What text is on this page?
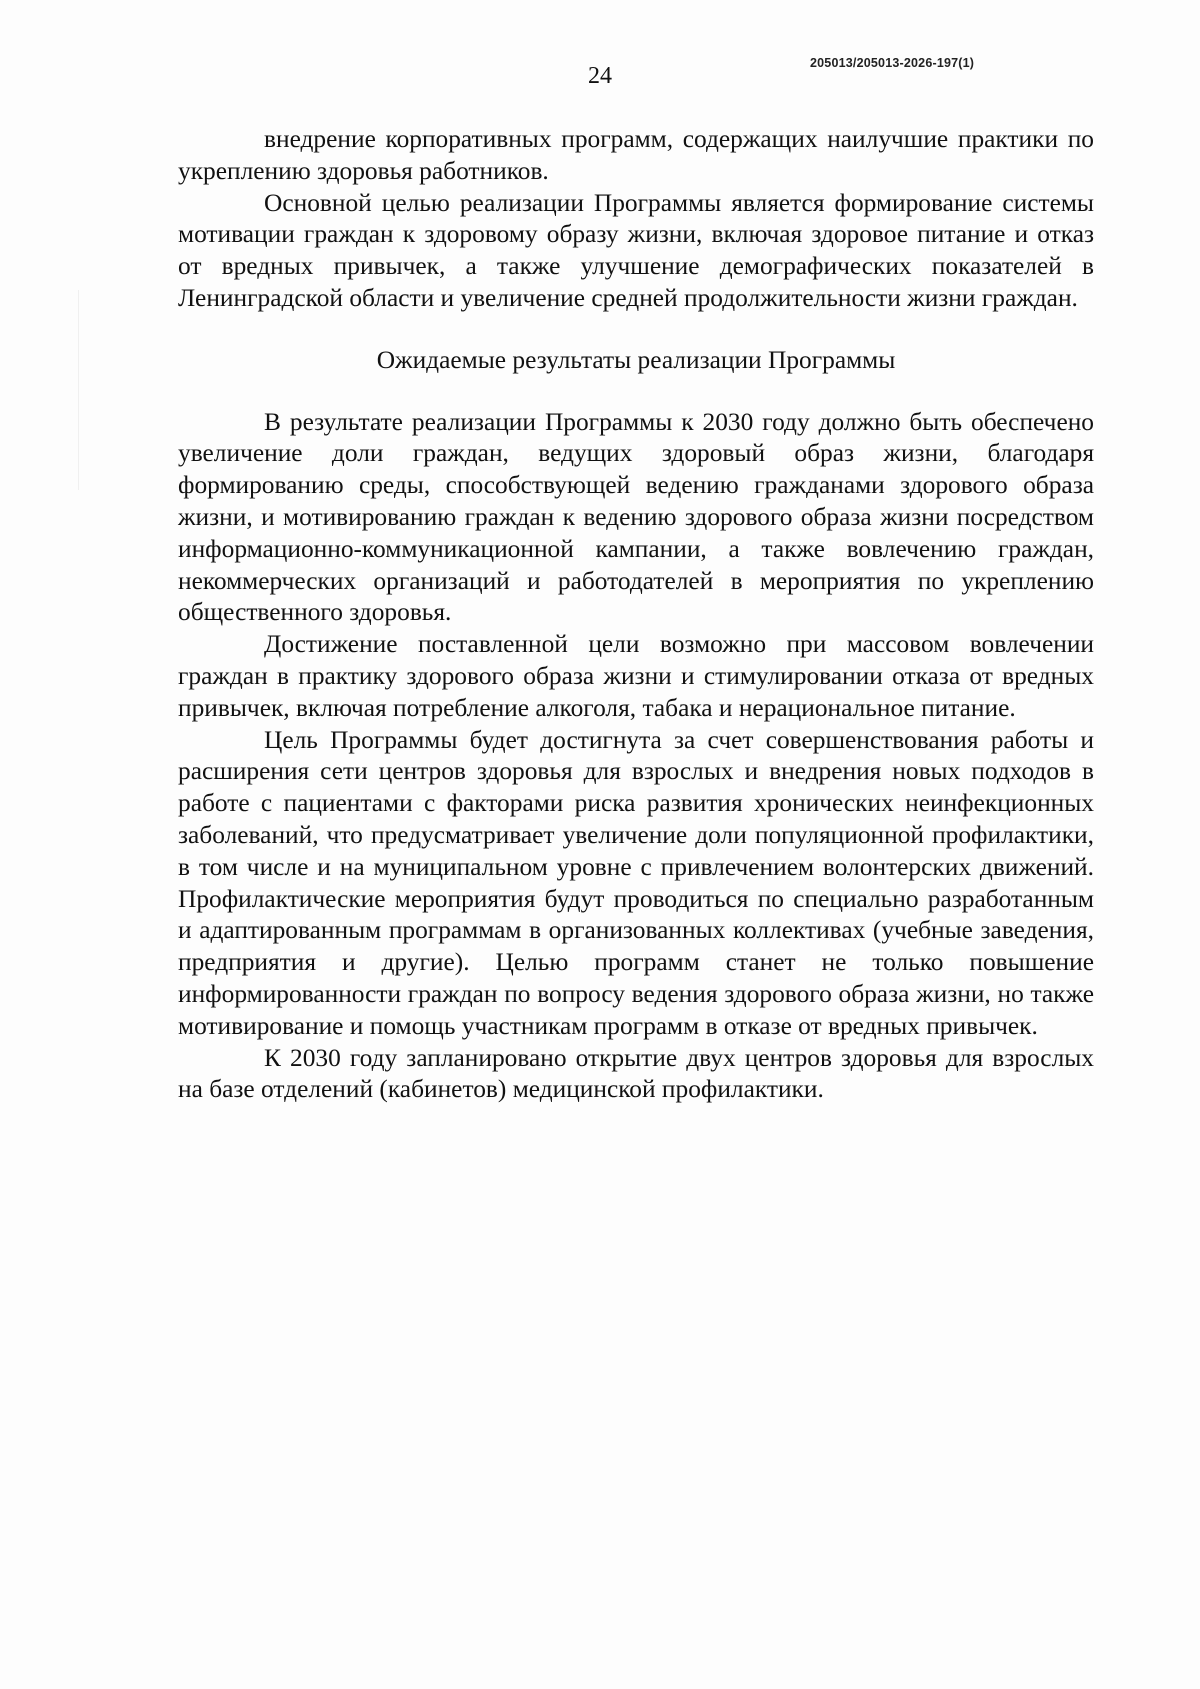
24	205013/205013-2026-197(1)

внедрение корпоративных программ, содержащих наилучшие практики по укреплению здоровья работников.

Основной целью реализации Программы является формирование системы мотивации граждан к здоровому образу жизни, включая здоровое питание и отказ от вредных привычек, а также улучшение демографических показателей в Ленинградской области и увеличение средней продолжительности жизни граждан.

Ожидаемые результаты реализации Программы

В результате реализации Программы к 2030 году должно быть обеспечено увеличение доли граждан, ведущих здоровый образ жизни, благодаря формированию среды, способствующей ведению гражданами здорового образа жизни, и мотивированию граждан к ведению здорового образа жизни посредством информационно-коммуникационной кампании, а также вовлечению граждан, некоммерческих организаций и работодателей в мероприятия по укреплению общественного здоровья.

Достижение поставленной цели возможно при массовом вовлечении граждан в практику здорового образа жизни и стимулировании отказа от вредных привычек, включая потребление алкоголя, табака и нерациональное питание.

Цель Программы будет достигнута за счет совершенствования работы и расширения сети центров здоровья для взрослых и внедрения новых подходов в работе с пациентами с факторами риска развития хронических неинфекционных заболеваний, что предусматривает увеличение доли популяционной профилактики, в том числе и на муниципальном уровне с привлечением волонтерских движений. Профилактические мероприятия будут проводиться по специально разработанным и адаптированным программам в организованных коллективах (учебные заведения, предприятия и другие). Целью программ станет не только повышение информированности граждан по вопросу ведения здорового образа жизни, но также мотивирование и помощь участникам программ в отказе от вредных привычек.

К 2030 году запланировано открытие двух центров здоровья для взрослых на базе отделений (кабинетов) медицинской профилактики.
